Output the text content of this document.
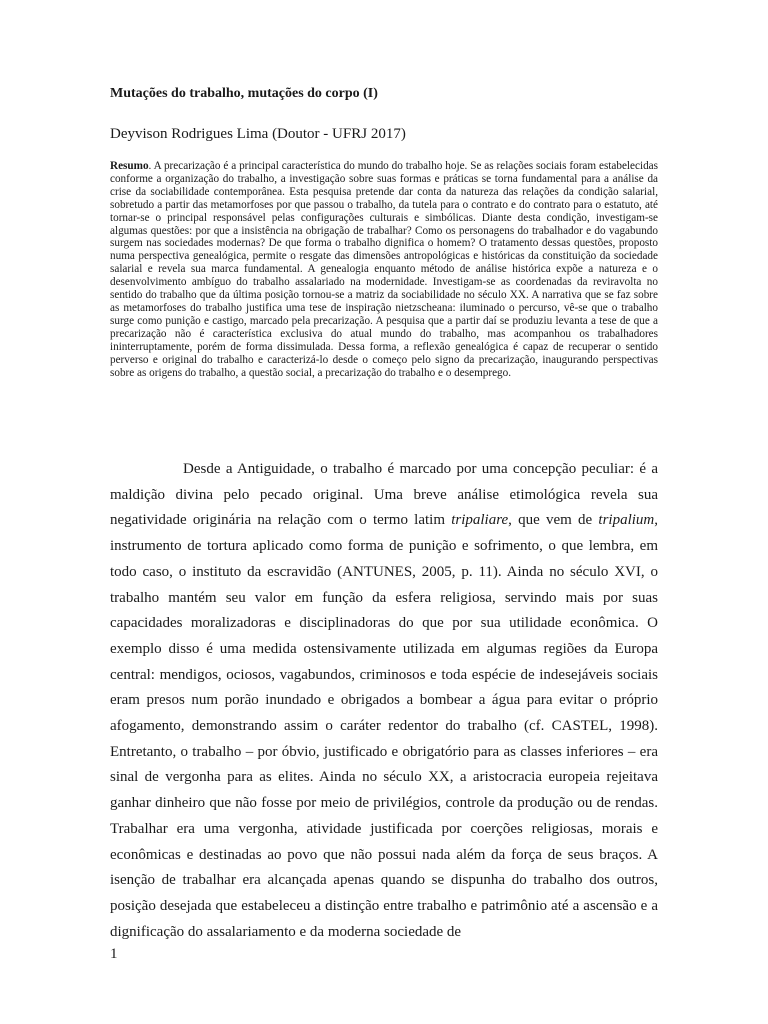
Mutações do trabalho, mutações do corpo (I)
Deyvison Rodrigues Lima (Doutor - UFRJ 2017)
Resumo. A precarização é a principal característica do mundo do trabalho hoje. Se as relações sociais foram estabelecidas conforme a organização do trabalho, a investigação sobre suas formas e práticas se torna fundamental para a análise da crise da sociabilidade contemporânea. Esta pesquisa pretende dar conta da natureza das relações da condição salarial, sobretudo a partir das metamorfoses por que passou o trabalho, da tutela para o contrato e do contrato para o estatuto, até tornar-se o principal responsável pelas configurações culturais e simbólicas. Diante desta condição, investigam-se algumas questões: por que a insistência na obrigação de trabalhar? Como os personagens do trabalhador e do vagabundo surgem nas sociedades modernas? De que forma o trabalho dignifica o homem? O tratamento dessas questões, proposto numa perspectiva genealógica, permite o resgate das dimensões antropológicas e históricas da constituição da sociedade salarial e revela sua marca fundamental. A genealogia enquanto método de análise histórica expõe a natureza e o desenvolvimento ambíguo do trabalho assalariado na modernidade. Investigam-se as coordenadas da reviravolta no sentido do trabalho que da última posição tornou-se a matriz da sociabilidade no século XX. A narrativa que se faz sobre as metamorfoses do trabalho justifica uma tese de inspiração nietzscheana: iluminado o percurso, vê-se que o trabalho surge como punição e castigo, marcado pela precarização. A pesquisa que a partir daí se produziu levanta a tese de que a precarização não é característica exclusiva do atual mundo do trabalho, mas acompanhou os trabalhadores ininterruptamente, porém de forma dissimulada. Dessa forma, a reflexão genealógica é capaz de recuperar o sentido perverso e original do trabalho e caracterizá-lo desde o começo pelo signo da precarização, inaugurando perspectivas sobre as origens do trabalho, a questão social, a precarização do trabalho e o desemprego.
Desde a Antiguidade, o trabalho é marcado por uma concepção peculiar: é a maldição divina pelo pecado original. Uma breve análise etimológica revela sua negatividade originária na relação com o termo latim tripaliare, que vem de tripalium, instrumento de tortura aplicado como forma de punição e sofrimento, o que lembra, em todo caso, o instituto da escravidão (ANTUNES, 2005, p. 11). Ainda no século XVI, o trabalho mantém seu valor em função da esfera religiosa, servindo mais por suas capacidades moralizadoras e disciplinadoras do que por sua utilidade econômica. O exemplo disso é uma medida ostensivamente utilizada em algumas regiões da Europa central: mendigos, ociosos, vagabundos, criminosos e toda espécie de indesejáveis sociais eram presos num porão inundado e obrigados a bombear a água para evitar o próprio afogamento, demonstrando assim o caráter redentor do trabalho (cf. CASTEL, 1998). Entretanto, o trabalho – por óbvio, justificado e obrigatório para as classes inferiores – era sinal de vergonha para as elites. Ainda no século XX, a aristocracia europeia rejeitava ganhar dinheiro que não fosse por meio de privilégios, controle da produção ou de rendas. Trabalhar era uma vergonha, atividade justificada por coerções religiosas, morais e econômicas e destinadas ao povo que não possui nada além da força de seus braços. A isenção de trabalhar era alcançada apenas quando se dispunha do trabalho dos outros, posição desejada que estabeleceu a distinção entre trabalho e patrimônio até a ascensão e a dignificação do assalariamento e da moderna sociedade de
1
